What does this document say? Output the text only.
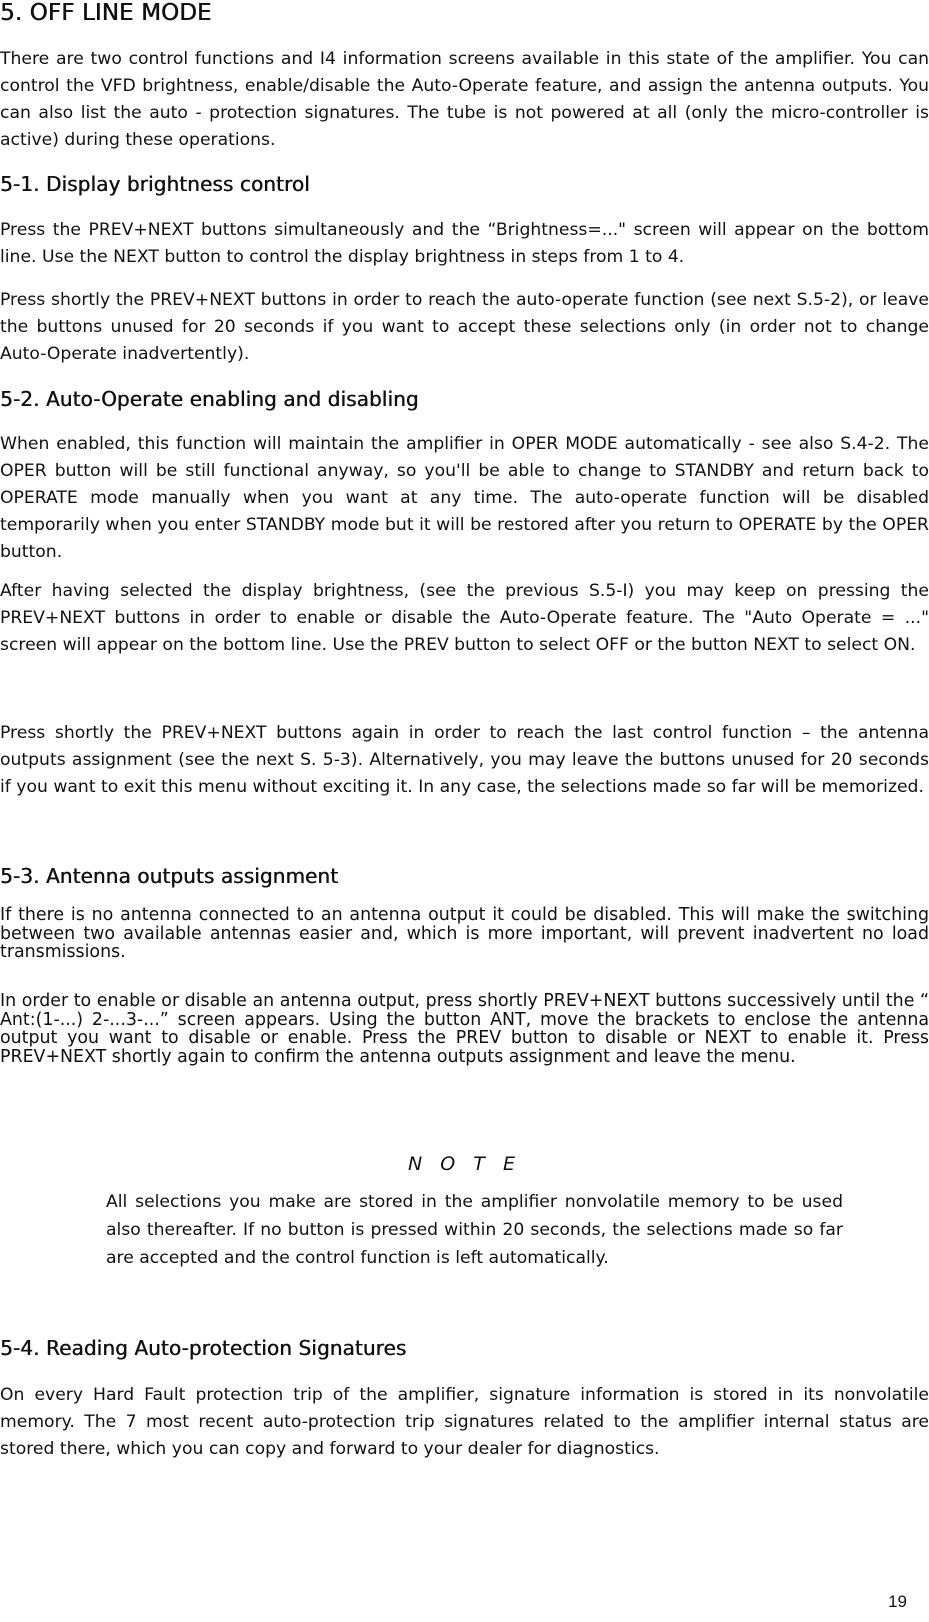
5. OFF LINE MODE

There are two control functions and I4 information screens available in this state of the amplifier. You can control the VFD brightness, enable/disable the Auto-Operate feature, and assign the antenna outputs. You can also list the auto - protection signatures. The tube is not powered at all (only the micro-controller is active) during these operations.

5-1. Display brightness control

Press the PREV+NEXT buttons simultaneously and the “Brightness=..." screen will appear on the bottom line. Use the NEXT button to control the display brightness in steps from 1 to 4.

Press shortly the PREV+NEXT buttons in order to reach the auto-operate function (see next S.5-2), or leave the buttons unused for 20 seconds if you want to accept these selections only (in order not to change Auto-Operate inadvertently).

5-2. Auto-Operate enabling and disabling

When enabled, this function will maintain the amplifier in OPER MODE automatically - see also S.4-2. The OPER button will be still functional anyway, so you'll be able to change to STANDBY and return back to OPERATE mode manually when you want at any time. The auto-operate function will be disabled temporarily when you enter STANDBY mode but it will be restored after you return to OPERATE by the OPER button.

After having selected the display brightness, (see the previous S.5-I) you may keep on pressing the PREV+NEXT buttons in order to enable or disable the Auto-Operate feature. The "Auto Operate = ..." screen will appear on the bottom line. Use the PREV button to select OFF or the button NEXT to select ON.

Press shortly the PREV+NEXT buttons again in order to reach the last control function – the antenna outputs assignment (see the next S. 5-3). Alternatively, you may leave the buttons unused for 20 seconds if you want to exit this menu without exciting it. In any case, the selections made so far will be memorized.

5-3. Antenna outputs assignment

If there is no antenna connected to an antenna output it could be disabled. This will make the switching between two available antennas easier and, which is more important, will prevent inadvertent no load transmissions.

In order to enable or disable an antenna output, press shortly PREV+NEXT buttons successively until the “ Ant:(1-...) 2-...3-...” screen appears. Using the button ANT, move the brackets to enclose the antenna output you want to disable or enable. Press the PREV button to disable or NEXT to enable it. Press PREV+NEXT shortly again to confirm the antenna outputs assignment and leave the menu.

N O T E

All selections you make are stored in the amplifier nonvolatile memory to be used also thereafter. If no button is pressed within 20 seconds, the selections made so far are accepted and the control function is left automatically.

5-4. Reading Auto-protection Signatures

On every Hard Fault protection trip of the amplifier, signature information is stored in its nonvolatile memory. The 7 most recent auto-protection trip signatures related to the amplifier internal status are stored there, which you can copy and forward to your dealer for diagnostics.

19
